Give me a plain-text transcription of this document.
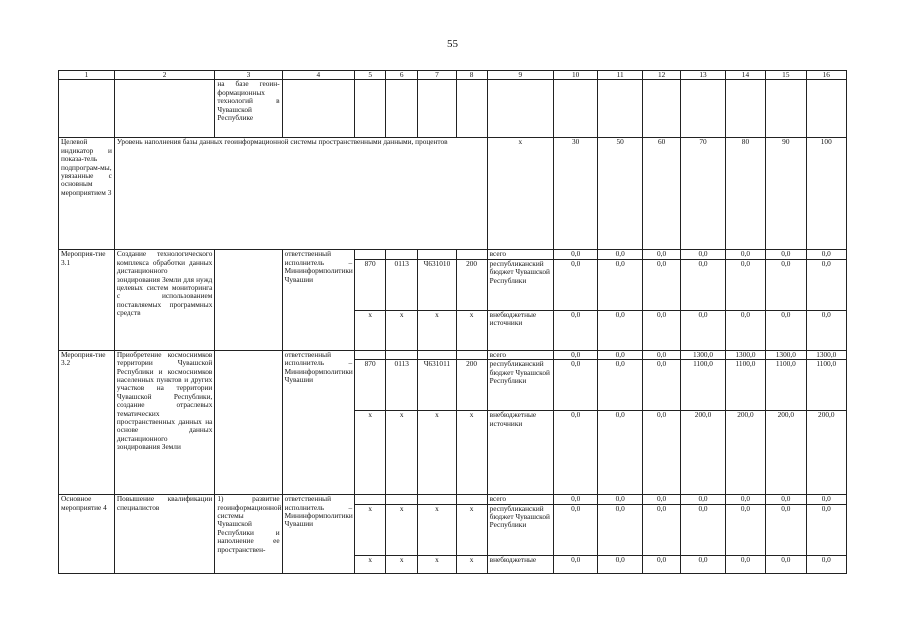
55
1	2	3	4	5	6	7	8	9	10	11	12	13	14	15	16
		на базе геоин-формационных технологий в Чувашской Республике													
Целевой индикатор и показа-тель подпрограм-мы, увязанные с основным мероприятием 3	Уровень наполнения базы данных геоинформационной системы пространственными данными, процентов							х	30	50	60	70	80	90	100
Мероприя-тие 3.1	Создание технологического комплекса обработки данных дистанционного зондирования Земли для нужд целевых систем мониторинга с использованием поставляемых программных средств		ответственный исполнитель – Мининформполитики Чувашии					всего	0,0	0,0	0,0	0,0	0,0	0,0	0,0
				870	0113	Ч631010	200	республиканский бюджет Чувашской Республики	0,0	0,0	0,0	0,0	0,0	0,0	0,0
				х	х	х	х	внебюджетные источники	0,0	0,0	0,0	0,0	0,0	0,0	0,0
Мероприя-тие 3.2	Приобретение космоснимков территории Чувашской Республики и космоснимков населенных пунктов и других участков на территории Чувашской Республики, создание отраслевых тематических пространственных данных на основе данных дистанционного зондирования Земли		ответственный исполнитель – Мининформполитики Чувашии					всего	0,0	0,0	0,0	1300,0	1300,0	1300,0	1300,0
				870	0113	Ч631011	200	республиканский бюджет Чувашской Республики	0,0	0,0	0,0	1100,0	1100,0	1100,0	1100,0
				х	х	х	х	внебюджетные источники	0,0	0,0	0,0	200,0	200,0	200,0	200,0
Основное мероприятие 4	Повышение квалификации специалистов	1) развитие геоинформационной системы Чувашской Республики и наполнение ее пространствен-	ответственный исполнитель – Мининформполитики Чувашии					всего	0,0	0,0	0,0	0,0	0,0	0,0	0,0
				х	х	х	х	республиканский бюджет Чувашской Республики	0,0	0,0	0,0	0,0	0,0	0,0	0,0
				х	х	х	х	внебюджетные	0,0	0,0	0,0	0,0	0,0	0,0	0,0
